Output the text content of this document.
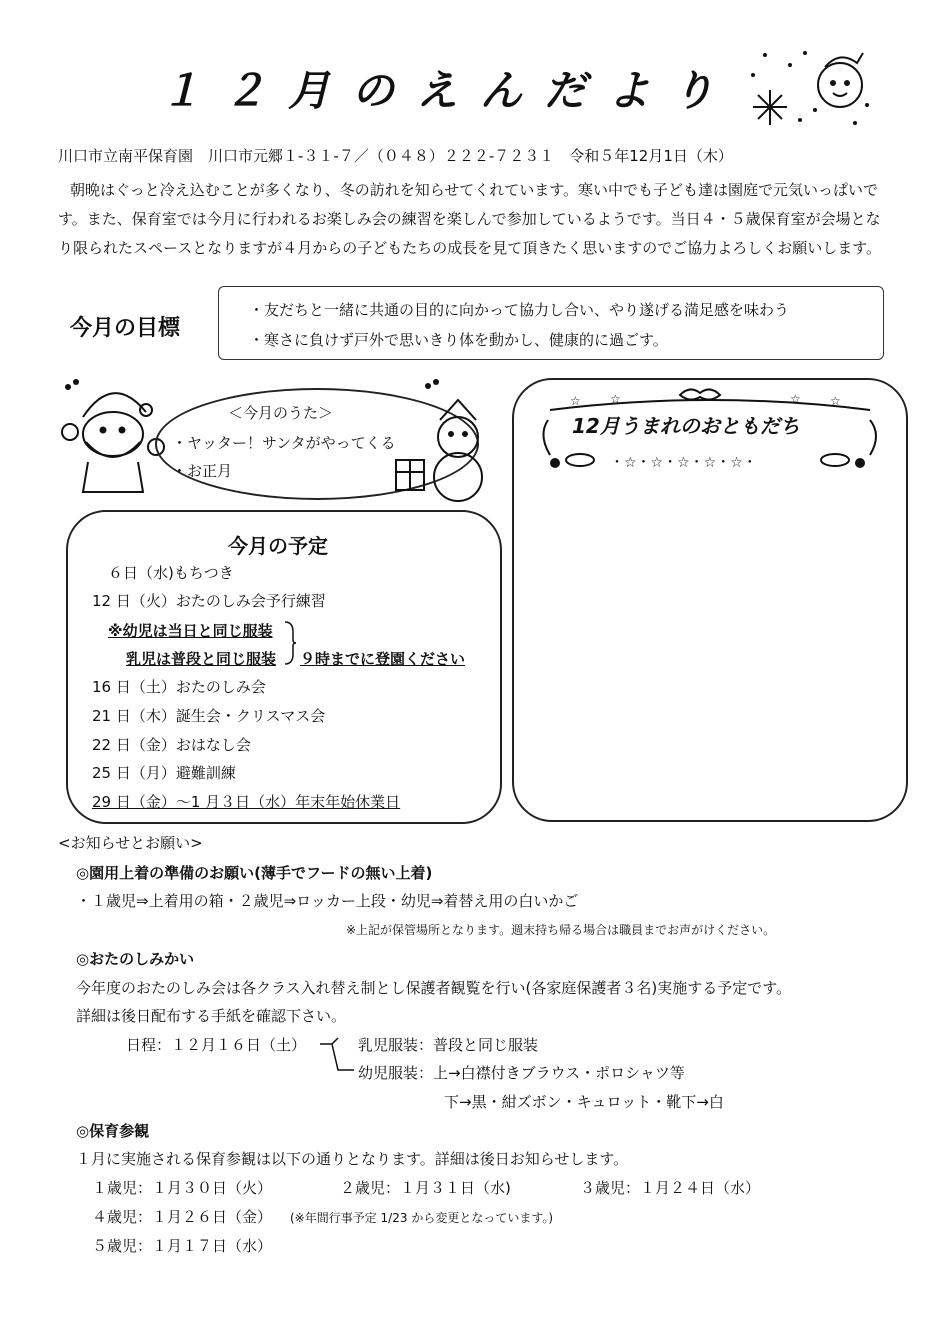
１２月のえんだより
川口市立南平保育園　川口市元郷１-３１-７／（０４８）２２２-７２３１　令和５年12月1日（木）
朝晩はぐっと冷え込むことが多くなり、冬の訪れを知らせてくれています。寒い中でも子ども達は園庭で元気いっぱいです。また、保育室では今月に行われるお楽しみ会の練習を楽しんで参加しているようです。当日４・５歳保育室が会場となり限られたスペースとなりますが４月からの子どもたちの成長を見て頂きたく思いますのでご協力よろしくお願いします。
今月の目標
・友だちと一緒に共通の目的に向かって協力し合い、やり遂げる満足感を味わう
・寒さに負けず戸外で思いきり体を動かし、健康的に過ごす。
＜今月のうた＞
・ヤッター！サンタがやってくる
・お正月
今月の予定
６日（水)もちつき
12 日（火）おたのしみ会予行練習
※幼児は当日と同じ服装
乳児は普段と同じ服装 ９時までに登園ください
16 日（土）おたのしみ会
21 日（木）誕生会・クリスマス会
22 日（金）おはなし会
25 日（月）避難訓練
29 日（金）～1 月３日（水）年末年始休業日
☆ ☆	☆ ☆
・☆・☆・☆・☆・☆・
12月うまれのおともだち
<お知らせとお願い>
◎園用上着の準備のお願い(薄手でフードの無い上着)
・１歳児⇒上着用の箱・２歳児⇒ロッカー上段・幼児⇒着替え用の白いかご
※上記が保管場所となります。週末持ち帰る場合は職員までお声がけください。
◎おたのしみかい
今年度のおたのしみ会は各クラス入れ替え制とし保護者観覧を行い(各家庭保護者３名)実施する予定です。
詳細は後日配布する手紙を確認下さい。
日程：１２月１６日（土）	乳児服装：普段と同じ服装
幼児服装：上→白襟付きブラウス・ポロシャツ等
下→黒・紺ズボン・キュロット・靴下→白
◎保育参観
１月に実施される保育参観は以下の通りとなります。詳細は後日お知らせします。
１歳児：１月３０日（火）	２歳児：１月３１日（水)	３歳児：１月２４日（水）
４歳児：１月２６日（金） (※年間行事予定 1/23 から変更となっています。)
５歳児：１月１７日（水）
